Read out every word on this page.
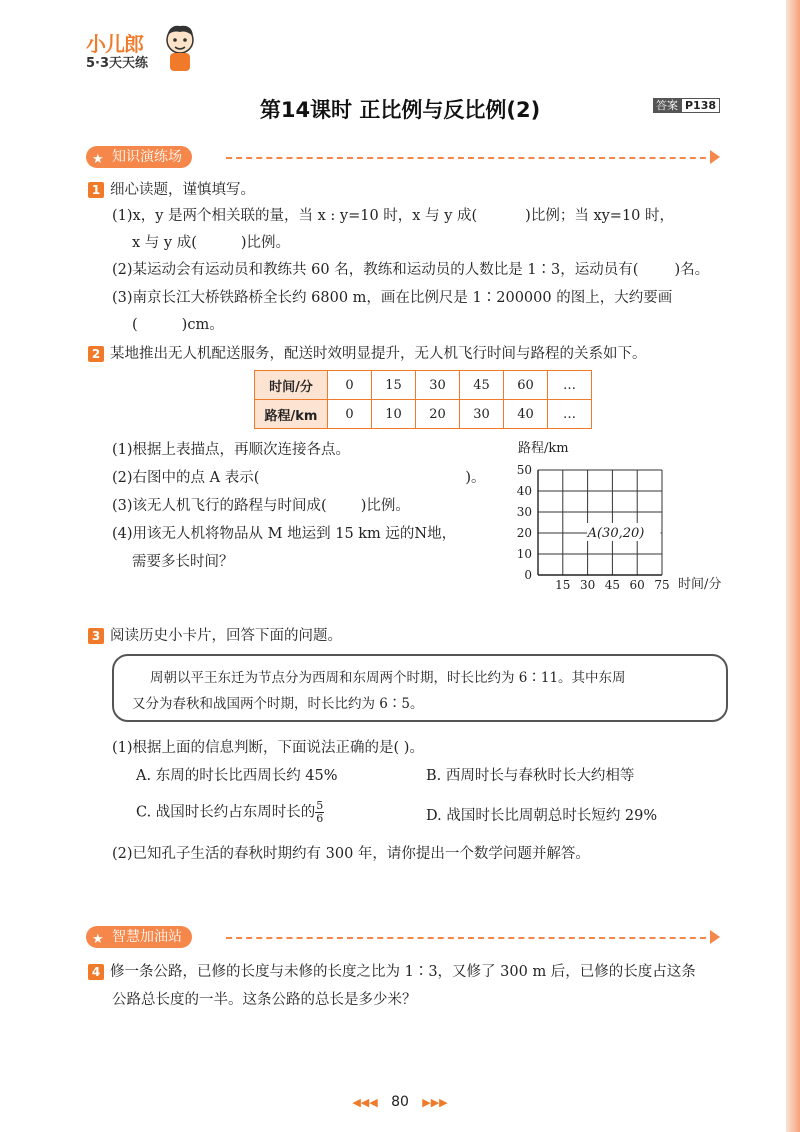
小儿郎
5·3天天练
第14课时 正比例与反比例(2)	答案 P138
★ 知识演练场
1 细心读题，谨慎填写。
(1)x，y 是两个相关联的量，当 x : y=10 时，x 与 y 成(	)比例；当 xy=10 时，
x 与 y 成(	)比例。
(2)某运动会有运动员和教练共 60 名，教练和运动员的人数比是 1∶3，运动员有( )名。
(3)南京长江大桥铁路桥全长约 6800 m，画在比例尺是 1∶200000 的图上，大约要画
(	)cm。
2 某地推出无人机配送服务，配送时效明显提升，无人机飞行时间与路程的关系如下。
时间/分	0	15	30	45	60	…
路程/km	0	10	20	30	40	…
(1)根据上表描点，再顺次连接各点。
(2)右图中的点 A 表示(	)。
(3)该无人机飞行的路程与时间成( )比例。
(4)用该无人机将物品从 M 地运到 15 km 远的N地，
需要多长时间？
路程/km
时间/分
0
10
20
30
40
50
15 30 45 60 75
A(30,20)
3 阅读历史小卡片，回答下面的问题。
周朝以平王东迁为节点分为西周和东周两个时期，时长比约为 6∶11。其中东周
又分为春秋和战国两个时期，时长比约为 6∶5。
(1)根据上面的信息判断，下面说法正确的是( )。
A. 东周的时长比西周长约 45%	B. 西周时长与春秋时长大约相等
C. 战国时长约占东周时长的 $\frac{5}{6}$	D. 战国时长比周朝总时长短约 29%
(2)已知孔子生活的春秋时期约有 300 年，请你提出一个数学问题并解答。
★ 智慧加油站
4 修一条公路，已修的长度与未修的长度之比为 1∶3，又修了 300 m 后，已修的长度占这条
公路总长度的一半。这条公路的总长是多少米？
◀◀◀ 80 ▶▶▶
